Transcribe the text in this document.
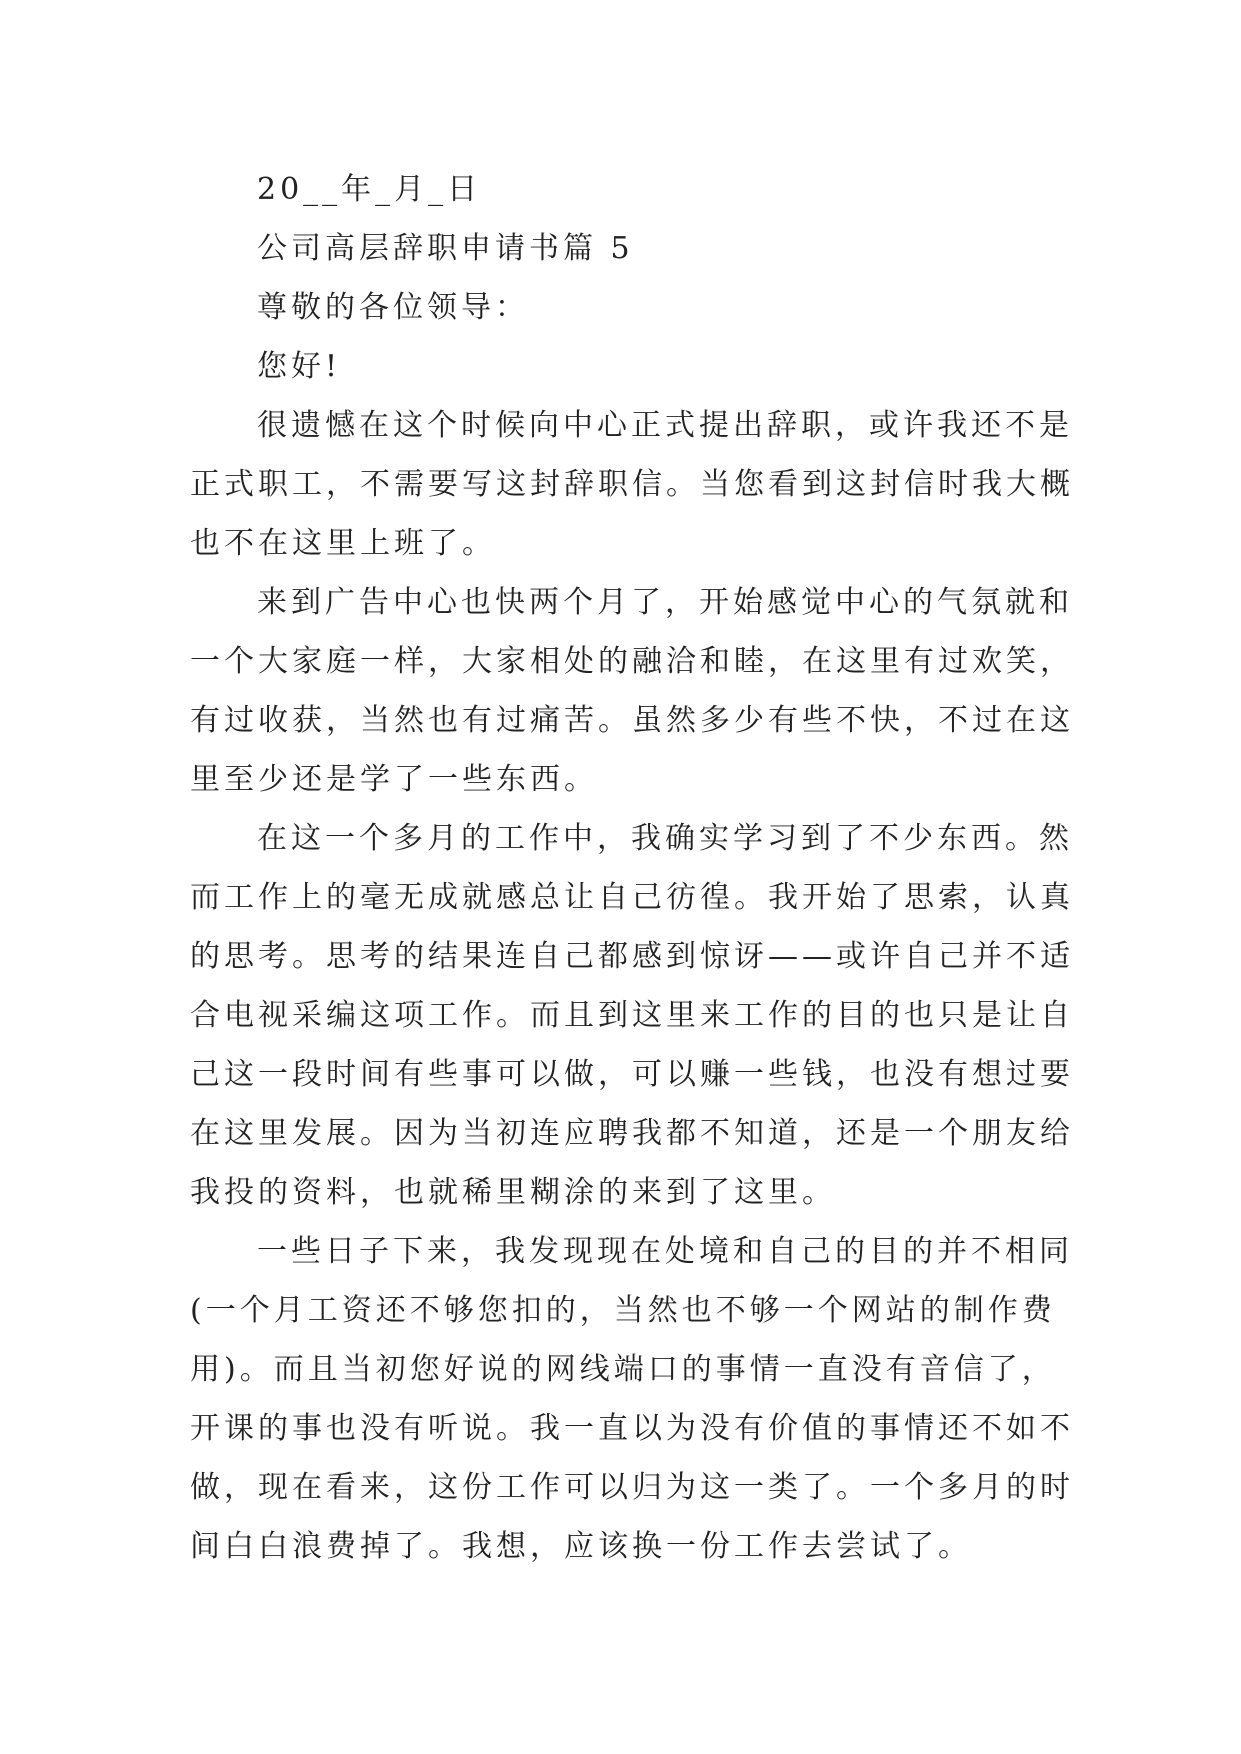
20__年_月_日

公司高层辞职申请书篇 5

尊敬的各位领导：

您好!

很遗憾在这个时候向中心正式提出辞职，或许我还不是

正式职工，不需要写这封辞职信。当您看到这封信时我大概

也不在这里上班了。

来到广告中心也快两个月了，开始感觉中心的气氛就和

一个大家庭一样，大家相处的融洽和睦，在这里有过欢笑，

有过收获，当然也有过痛苦。虽然多少有些不快，不过在这

里至少还是学了一些东西。

在这一个多月的工作中，我确实学习到了不少东西。然

而工作上的毫无成就感总让自己彷徨。我开始了思索，认真

的思考。思考的结果连自己都感到惊讶——或许自己并不适

合电视采编这项工作。而且到这里来工作的目的也只是让自

己这一段时间有些事可以做，可以赚一些钱，也没有想过要

在这里发展。因为当初连应聘我都不知道，还是一个朋友给

我投的资料，也就稀里糊涂的来到了这里。

一些日子下来，我发现现在处境和自己的目的并不相同

(一个月工资还不够您扣的，当然也不够一个网站的制作费

用)。而且当初您好说的网线端口的事情一直没有音信了，

开课的事也没有听说。我一直以为没有价值的事情还不如不

做，现在看来，这份工作可以归为这一类了。一个多月的时

间白白浪费掉了。我想，应该换一份工作去尝试了。
